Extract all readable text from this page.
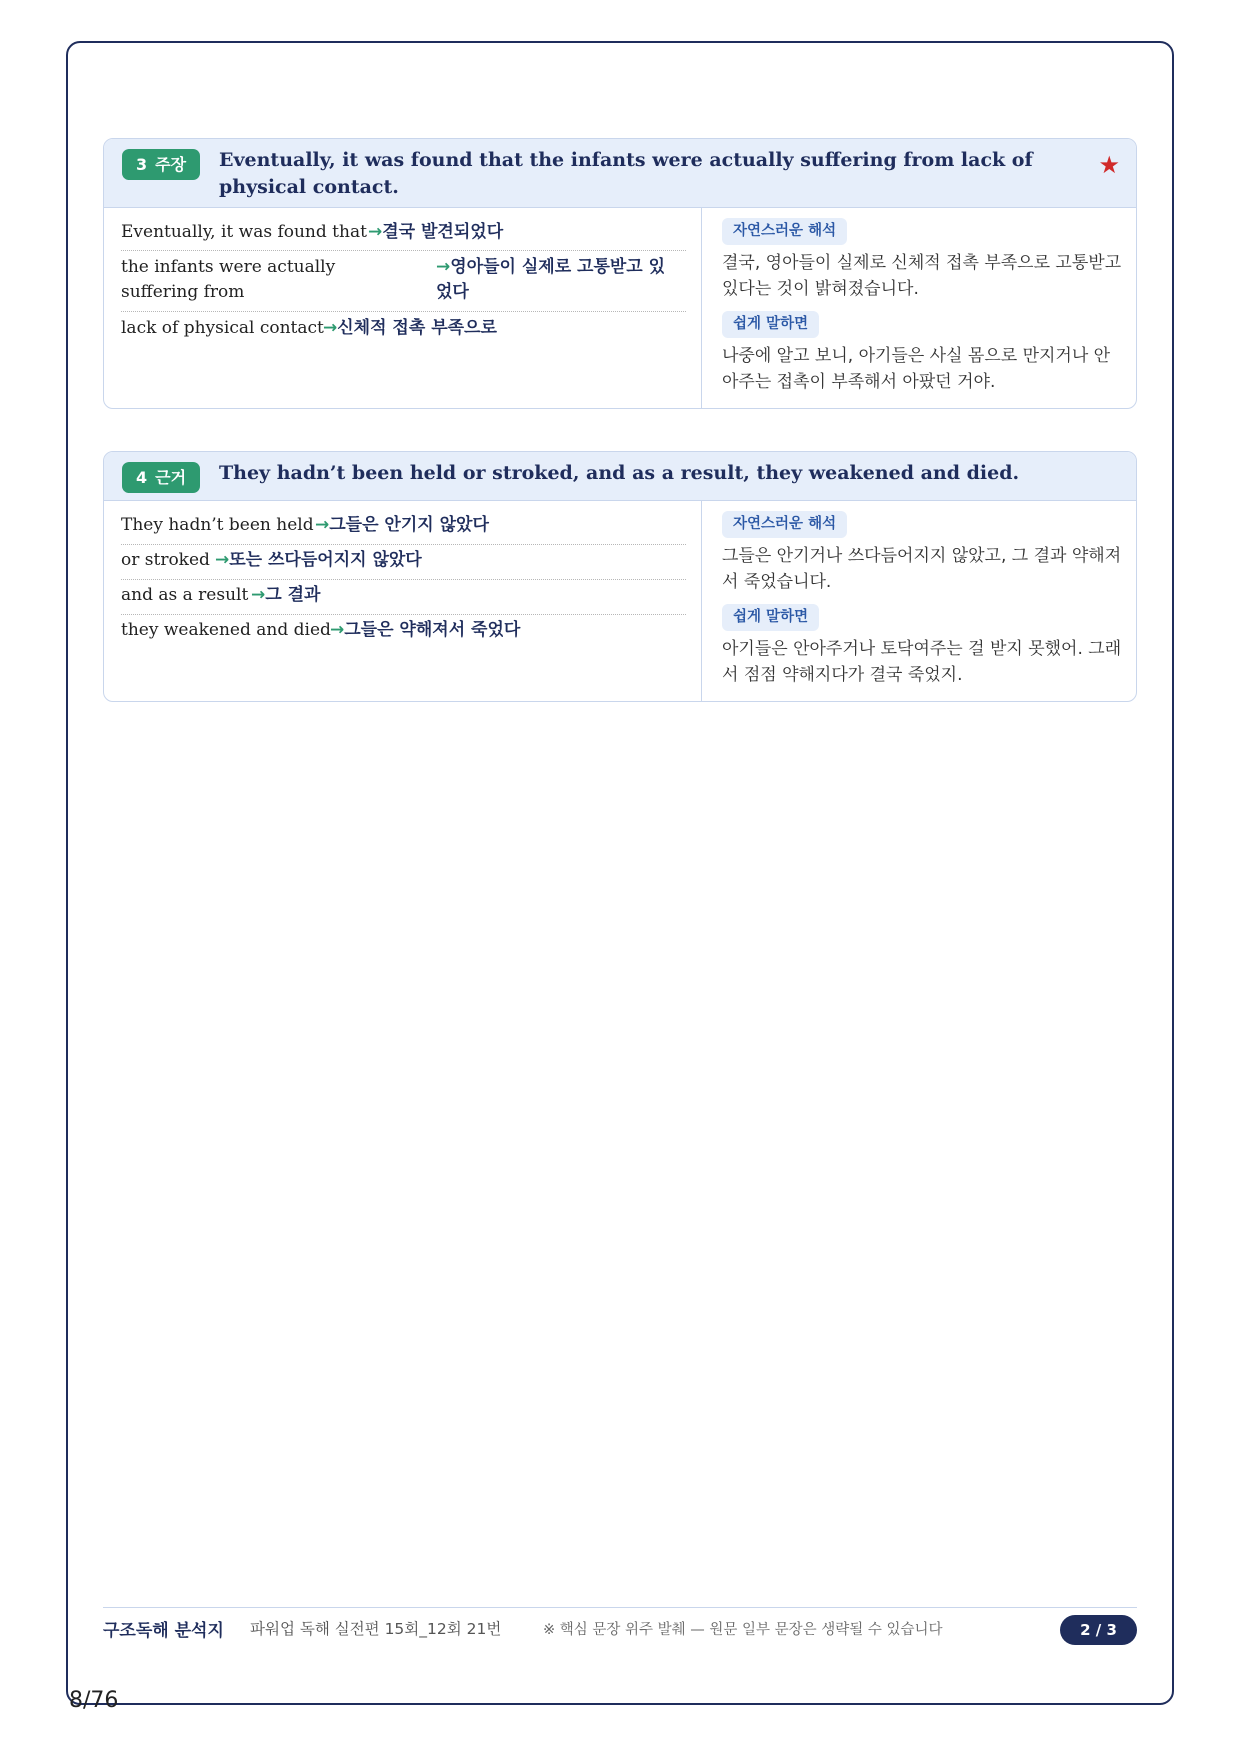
3 주장	Eventually, it was found that the infants were actually suffering from lack of physical contact.
★
Eventually, it was found that →결국 발견되었다
the infants were actually suffering from
→영아들이 실제로 고통받고 있었다
lack of physical contact →신체적 접촉 부족으로
자연스러운 해석
결국, 영아들이 실제로 신체적 접촉 부족으로 고통받고 있다는 것이 밝혀졌습니다.
쉽게 말하면
나중에 알고 보니, 아기들은 사실 몸으로 만지거나 안아주는 접촉이 부족해서 아팠던 거야.
4 근거	They hadn’t been held or stroked, and as a result, they weakened and died.
They hadn’t been held →그들은 안기지 않았다
or stroked →또는 쓰다듬어지지 않았다
and as a result →그 결과
they weakened and died →그들은 약해져서 죽었다
자연스러운 해석
그들은 안기거나 쓰다듬어지지 않았고, 그 결과 약해져서 죽었습니다.
쉽게 말하면
아기들은 안아주거나 토닥여주는 걸 받지 못했어. 그래서 점점 약해지다가 결국 죽었지.
구조독해 분석지 파워업 독해 실전편 15회_12회 21번	※ 핵심 문장 위주 발췌 — 원문 일부 문장은 생략될 수 있습니다	2 / 3
8/76
